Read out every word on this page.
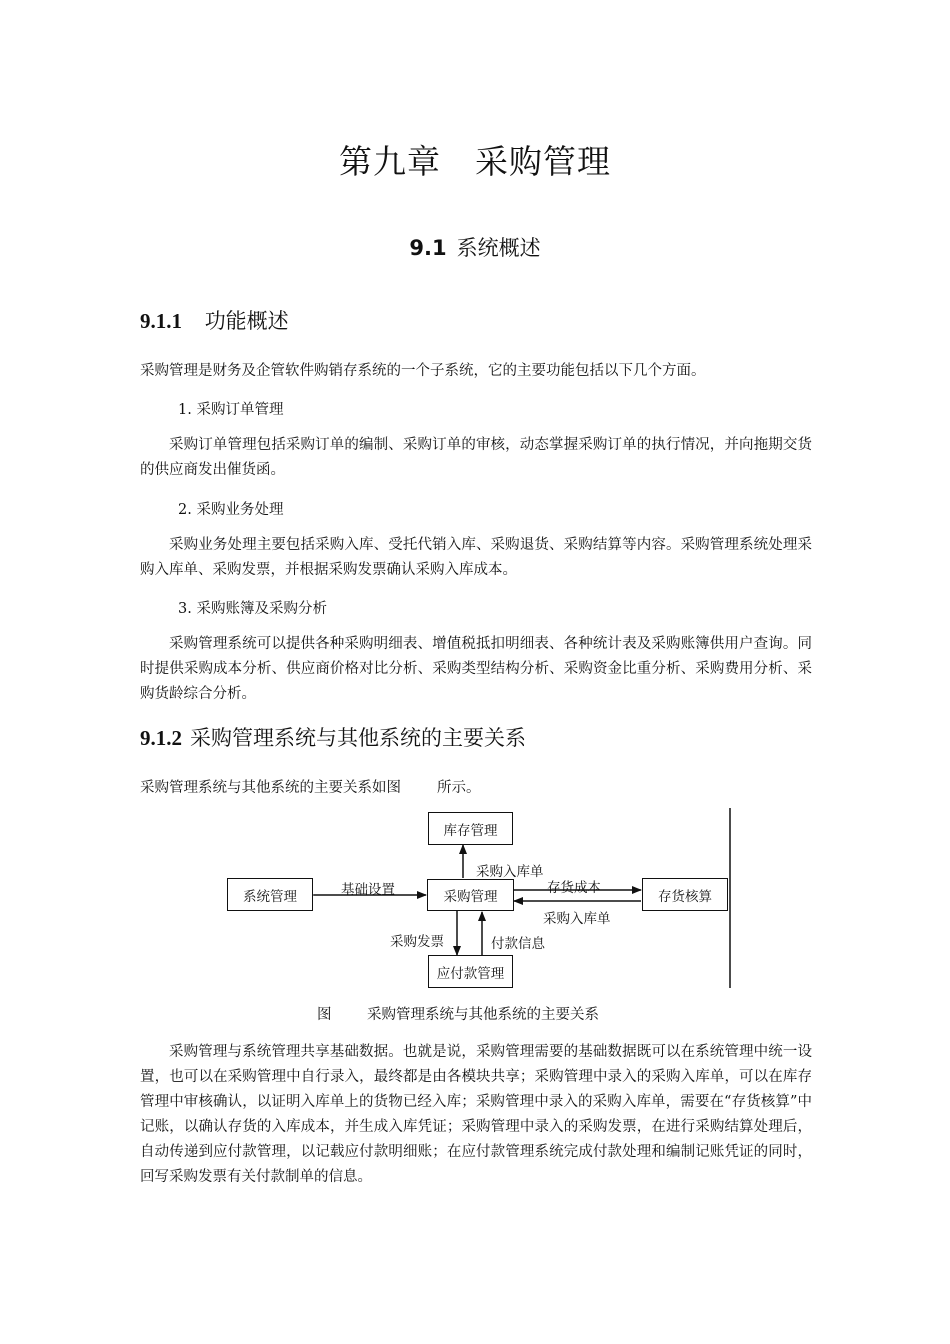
第九章　采购管理
9.1 系统概述
9.1.1 功能概述
采购管理是财务及企管软件购销存系统的一个子系统，它的主要功能包括以下几个方面。
1. 采购订单管理
采购订单管理包括采购订单的编制、采购订单的审核，动态掌握采购订单的执行情况，并向拖期交货的供应商发出催货函。
2. 采购业务处理
采购业务处理主要包括采购入库、受托代销入库、采购退货、采购结算等内容。采购管理系统处理采购入库单、采购发票，并根据采购发票确认采购入库成本。
3. 采购账簿及采购分析
采购管理系统可以提供各种采购明细表、增值税抵扣明细表、各种统计表及采购账簿供用户查询。同时提供采购成本分析、供应商价格对比分析、采购类型结构分析、采购资金比重分析、采购费用分析、采购货龄综合分析。
9.1.2 采购管理系统与其他系统的主要关系
采购管理系统与其他系统的主要关系如图 所示。
库存管理
系统管理	采购管理	存货核算
应付款管理
采购入库单
基础设置	存货成本
采购入库单
采购发票	付款信息
图 采购管理系统与其他系统的主要关系
采购管理与系统管理共享基础数据。也就是说，采购管理需要的基础数据既可以在系统管理中统一设置，也可以在采购管理中自行录入，最终都是由各模块共享；采购管理中录入的采购入库单，可以在库存管理中审核确认，以证明入库单上的货物已经入库；采购管理中录入的采购入库单，需要在“存货核算”中记账，以确认存货的入库成本，并生成入库凭证；采购管理中录入的采购发票，在进行采购结算处理后，自动传递到应付款管理，以记载应付款明细账；在应付款管理系统完成付款处理和编制记账凭证的同时，回写采购发票有关付款制单的信息。
